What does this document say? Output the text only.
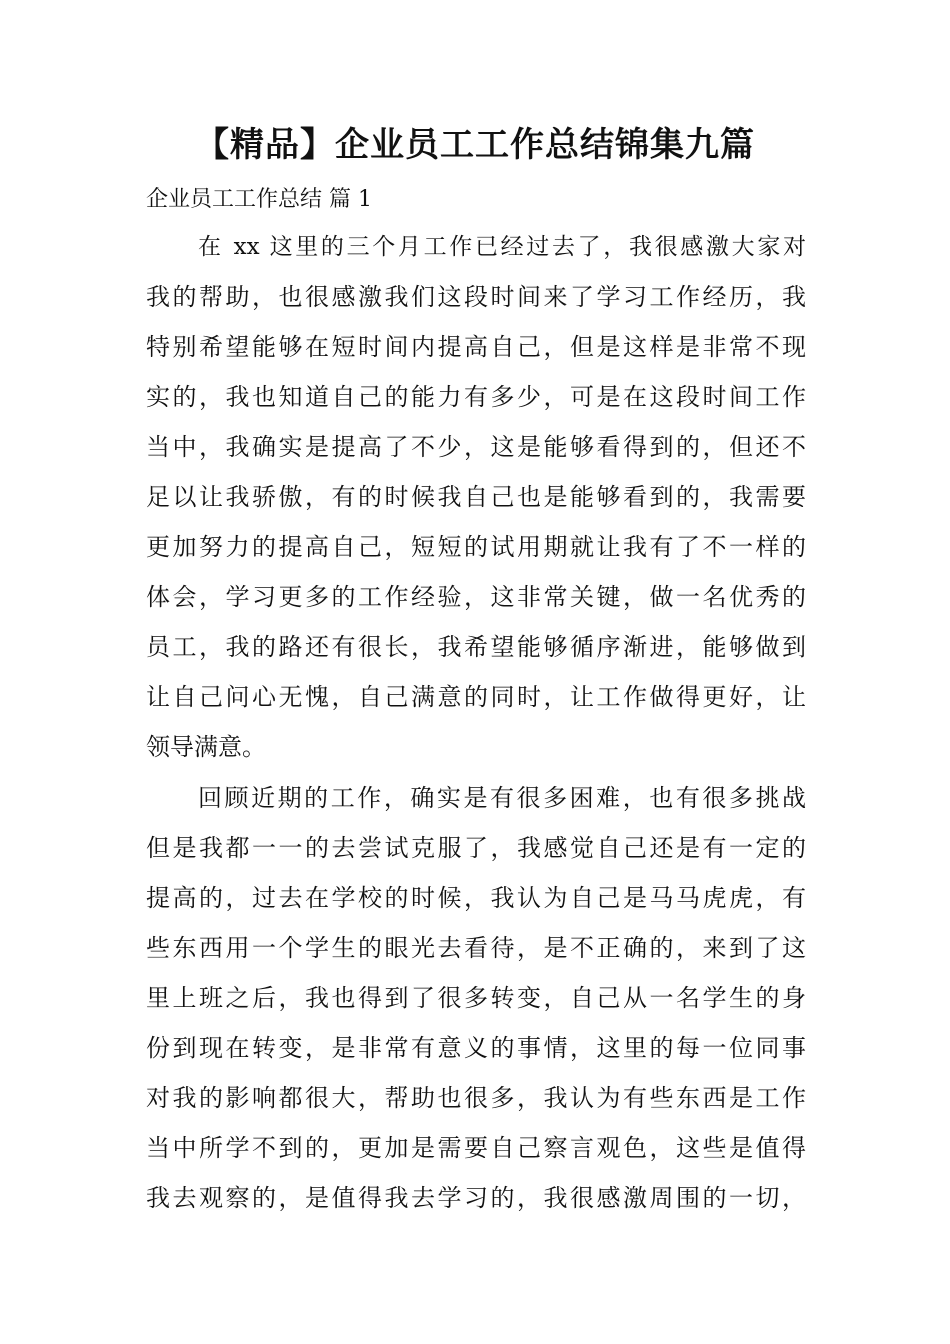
【精品】企业员工工作总结锦集九篇
企业员工工作总结 篇 1
在 xx 这里的三个月工作已经过去了，我很感激大家对
我的帮助，也很感激我们这段时间来了学习工作经历，我
特别希望能够在短时间内提高自己，但是这样是非常不现
实的，我也知道自己的能力有多少，可是在这段时间工作
当中，我确实是提高了不少，这是能够看得到的，但还不
足以让我骄傲，有的时候我自己也是能够看到的，我需要
更加努力的提高自己，短短的试用期就让我有了不一样的
体会，学习更多的工作经验，这非常关键，做一名优秀的
员工，我的路还有很长，我希望能够循序渐进，能够做到
让自己问心无愧，自己满意的同时，让工作做得更好，让
领导满意。
回顾近期的工作，确实是有很多困难，也有很多挑战
但是我都一一的去尝试克服了，我感觉自己还是有一定的
提高的，过去在学校的时候，我认为自己是马马虎虎，有
些东西用一个学生的眼光去看待，是不正确的，来到了这
里上班之后，我也得到了很多转变，自己从一名学生的身
份到现在转变，是非常有意义的事情，这里的每一位同事
对我的影响都很大，帮助也很多，我认为有些东西是工作
当中所学不到的，更加是需要自己察言观色，这些是值得
我去观察的，是值得我去学习的，我很感激周围的一切，
